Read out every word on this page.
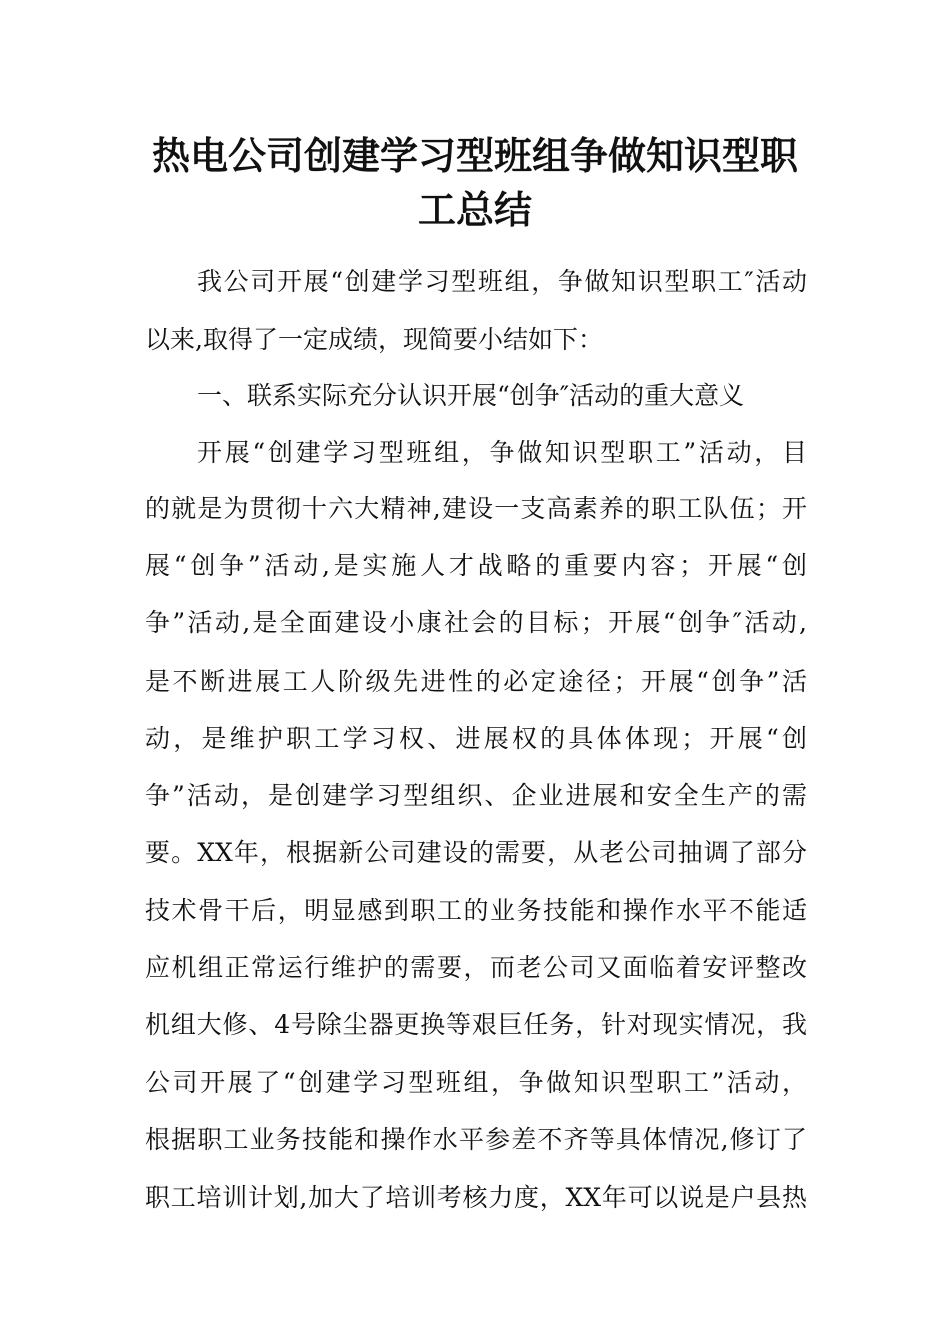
热电公司创建学习型班组争做知识型职
工总结
我公司开展“创建学习型班组，争做知识型职工″活动
以来,取得了一定成绩，现简要小结如下：
一、联系实际充分认识开展“创争″活动的重大意义
开展“创建学习型班组，争做知识型职工”活动，目
的就是为贯彻十六大精神,建设一支高素养的职工队伍；开
展“创争”活动,是实施人才战略的重要内容；开展“创
争”活动,是全面建设小康社会的目标；开展“创争″活动,
是不断进展工人阶级先进性的必定途径；开展“创争”活
动，是维护职工学习权、进展权的具体体现；开展“创
争”活动，是创建学习型组织、企业进展和安全生产的需
要。XX年，根据新公司建设的需要，从老公司抽调了部分
技术骨干后，明显感到职工的业务技能和操作水平不能适
应机组正常运行维护的需要，而老公司又面临着安评整改
机组大修、4号除尘器更换等艰巨任务，针对现实情况，我
公司开展了“创建学习型班组，争做知识型职工”活动，
根据职工业务技能和操作水平参差不齐等具体情况,修订了
职工培训计划,加大了培训考核力度，XX年可以说是户县热
